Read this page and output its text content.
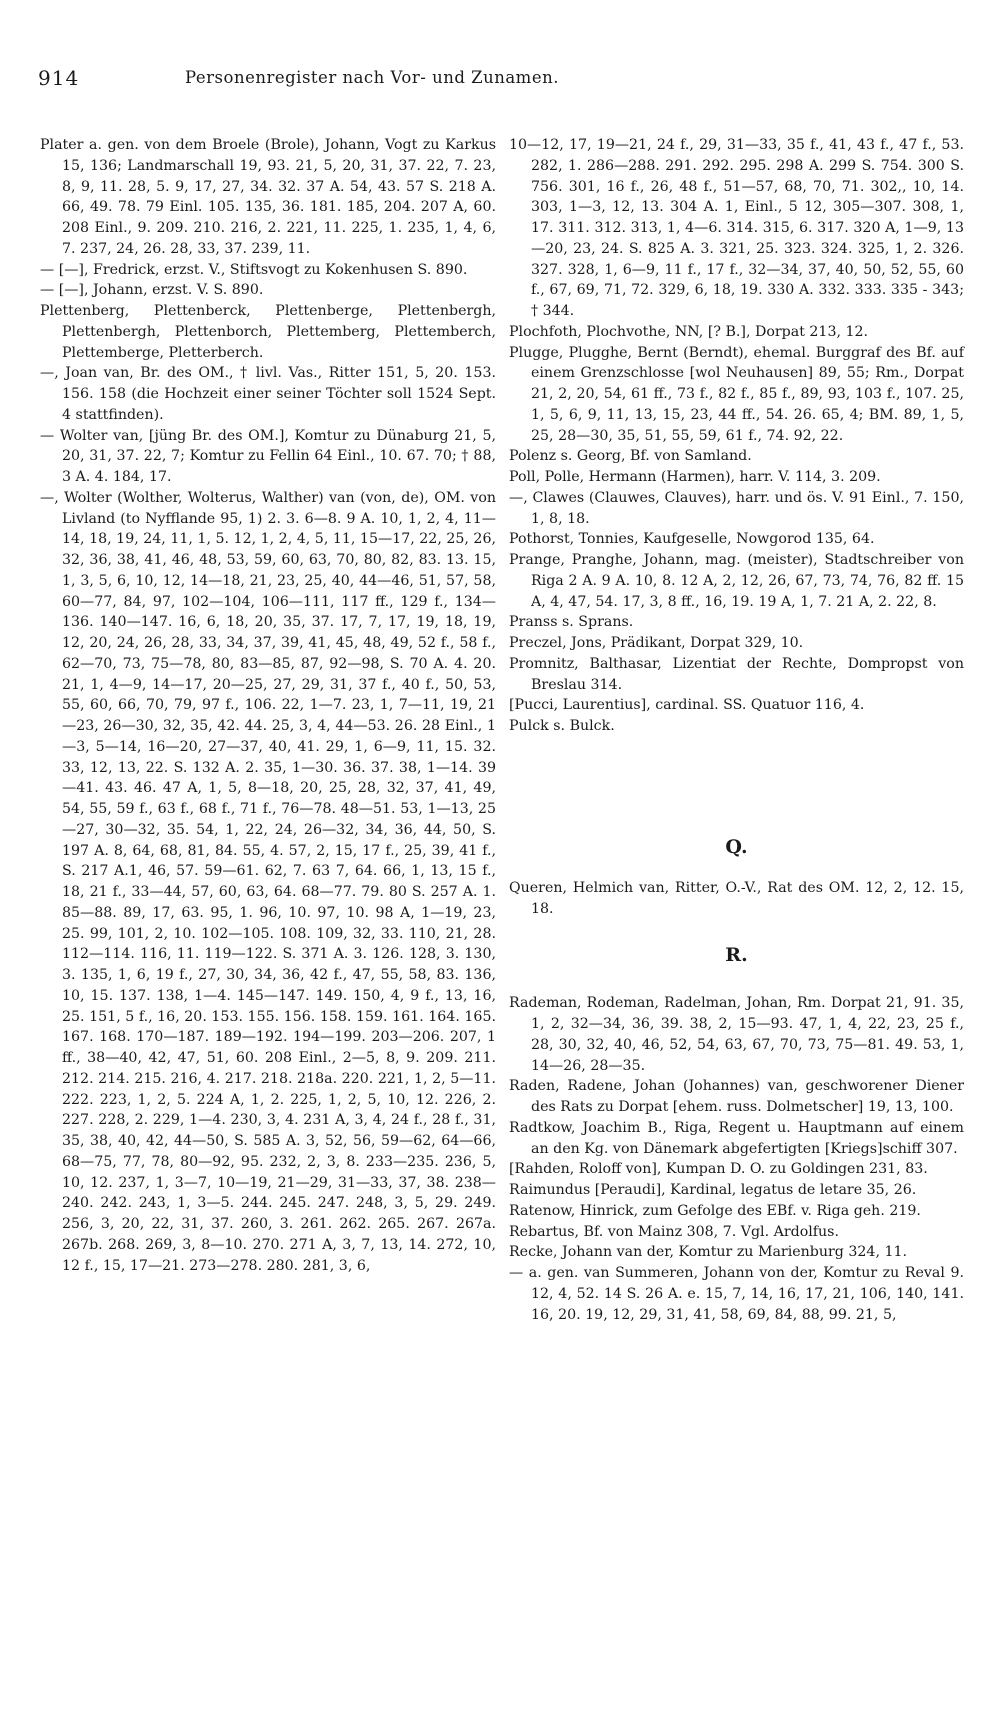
914	Personenregister nach Vor- und Zunamen.

Plater a. gen. von dem Broele (Brole), Johann, Vogt zu Karkus 15, 136; Landmarschall 19, 93. 21, 5, 20, 31, 37. 22, 7. 23, 8, 9, 11. 28, 5. 9, 17, 27, 34. 32. 37 A. 54, 43. 57 S. 218 A. 66, 49. 78. 79 Einl. 105. 135, 36. 181. 185, 204. 207 A, 60. 208 Einl., 9. 209. 210. 216, 2. 221, 11. 225, 1. 235, 1, 4, 6, 7. 237, 24, 26. 28, 33, 37. 239, 11.

— [—], Fredrick, erzst. V., Stiftsvogt zu Kokenhusen S. 890.

— [—], Johann, erzst. V. S. 890.

Plettenberg, Plettenberck, Plettenberge, Plettenbergh, Plettenbergh, Plettenborch, Plettemberg, Plettemberch, Plettemberge, Pletterberch.

—, Joan van, Br. des OM., † livl. Vas., Ritter 151, 5, 20. 153. 156. 158 (die Hochzeit einer seiner Töchter soll 1524 Sept. 4 stattfinden).

— Wolter van, [jüng Br. des OM.], Komtur zu Dünaburg 21, 5, 20, 31, 37. 22, 7; Komtur zu Fellin 64 Einl., 10. 67. 70; † 88, 3 A. 4. 184, 17.

—, Wolter (Wolther, Wolterus, Walther) van (von, de), OM. von Livland (to Nyfflande 95, 1) 2. 3. 6—8. 9 A. 10, 1, 2, 4, 11—14, 18, 19, 24, 11, 1, 5. 12, 1, 2, 4, 5, 11, 15—17, 22, 25, 26, 32, 36, 38, 41, 46, 48, 53, 59, 60, 63, 70, 80, 82, 83. 13. 15, 1, 3, 5, 6, 10, 12, 14—18, 21, 23, 25, 40, 44—46, 51, 57, 58, 60—77, 84, 97, 102—104, 106—111, 117 ff., 129 f., 134—136. 140—147. 16, 6, 18, 20, 35, 37. 17, 7, 17, 19, 18, 19, 12, 20, 24, 26, 28, 33, 34, 37, 39, 41, 45, 48, 49, 52 f., 58 f., 62—70, 73, 75—78, 80, 83—85, 87, 92—98, S. 70 A. 4. 20. 21, 1, 4—9, 14—17, 20—25, 27, 29, 31, 37 f., 40 f., 50, 53, 55, 60, 66, 70, 79, 97 f., 106. 22, 1—7. 23, 1, 7—11, 19, 21—23, 26—30, 32, 35, 42. 44. 25, 3, 4, 44—53. 26. 28 Einl., 1—3, 5—14, 16—20, 27—37, 40, 41. 29, 1, 6—9, 11, 15. 32. 33, 12, 13, 22. S. 132 A. 2. 35, 1—30. 36. 37. 38, 1—14. 39—41. 43. 46. 47 A, 1, 5, 8—18, 20, 25, 28, 32, 37, 41, 49, 54, 55, 59 f., 63 f., 68 f., 71 f., 76—78. 48—51. 53, 1—13, 25—27, 30—32, 35. 54, 1, 22, 24, 26—32, 34, 36, 44, 50, S. 197 A. 8, 64, 68, 81, 84. 55, 4. 57, 2, 15, 17 f., 25, 39, 41 f., S. 217 A.1, 46, 57. 59—61. 62, 7. 63 7, 64. 66, 1, 13, 15 f., 18, 21 f., 33—44, 57, 60, 63, 64. 68—77. 79. 80 S. 257 A. 1. 85—88. 89, 17, 63. 95, 1. 96, 10. 97, 10. 98 A, 1—19, 23, 25. 99, 101, 2, 10. 102—105. 108. 109, 32, 33. 110, 21, 28. 112—114. 116, 11. 119—122. S. 371 A. 3. 126. 128, 3. 130, 3. 135, 1, 6, 19 f., 27, 30, 34, 36, 42 f., 47, 55, 58, 83. 136, 10, 15. 137. 138, 1—4. 145—147. 149. 150, 4, 9 f., 13, 16, 25. 151, 5 f., 16, 20. 153. 155. 156. 158. 159. 161. 164. 165. 167. 168. 170—187. 189—192. 194—199. 203—206. 207, 1 ff., 38—40, 42, 47, 51, 60. 208 Einl., 2—5, 8, 9. 209. 211. 212. 214. 215. 216, 4. 217. 218. 218a. 220. 221, 1, 2, 5—11. 222. 223, 1, 2, 5. 224 A, 1, 2. 225, 1, 2, 5, 10, 12. 226, 2. 227. 228, 2. 229, 1—4. 230, 3, 4. 231 A, 3, 4, 24 f., 28 f., 31, 35, 38, 40, 42, 44—50, S. 585 A. 3, 52, 56, 59—62, 64—66, 68—75, 77, 78, 80—92, 95. 232, 2, 3, 8. 233—235. 236, 5, 10, 12. 237, 1, 3—7, 10—19, 21—29, 31—33, 37, 38. 238—240. 242. 243, 1, 3—5. 244. 245. 247. 248, 3, 5, 29. 249. 256, 3, 20, 22, 31, 37. 260, 3. 261. 262. 265. 267. 267a. 267b. 268. 269, 3, 8—10. 270. 271 A, 3, 7, 13, 14. 272, 10, 12 f., 15, 17—21. 273—278. 280. 281, 3, 6,

10—12, 17, 19—21, 24 f., 29, 31—33, 35 f., 41, 43 f., 47 f., 53. 282, 1. 286—288. 291. 292. 295. 298 A. 299 S. 754. 300 S. 756. 301, 16 f., 26, 48 f., 51—57, 68, 70, 71. 302,, 10, 14. 303, 1—3, 12, 13. 304 A. 1, Einl., 5 12, 305—307. 308, 1, 17. 311. 312. 313, 1, 4—6. 314. 315, 6. 317. 320 A, 1—9, 13—20, 23, 24. S. 825 A. 3. 321, 25. 323. 324. 325, 1, 2. 326. 327. 328, 1, 6—9, 11 f., 17 f., 32—34, 37, 40, 50, 52, 55, 60 f., 67, 69, 71, 72. 329, 6, 18, 19. 330 A. 332. 333. 335 - 343; † 344.

Plochfoth, Plochvothe, NN, [? B.], Dorpat 213, 12.

Plugge, Plugghe, Bernt (Berndt), ehemal. Burggraf des Bf. auf einem Grenzschlosse [wol Neuhausen] 89, 55; Rm., Dorpat 21, 2, 20, 54, 61 ff., 73 f., 82 f., 85 f., 89, 93, 103 f., 107. 25, 1, 5, 6, 9, 11, 13, 15, 23, 44 ff., 54. 26. 65, 4; BM. 89, 1, 5, 25, 28—30, 35, 51, 55, 59, 61 f., 74. 92, 22.

Polenz s. Georg, Bf. von Samland.

Poll, Polle, Hermann (Harmen), harr. V. 114, 3. 209.

—, Clawes (Clauwes, Clauves), harr. und ös. V. 91 Einl., 7. 150, 1, 8, 18.

Pothorst, Tonnies, Kaufgeselle, Nowgorod 135, 64.

Prange, Pranghe, Johann, mag. (meister), Stadtschreiber von Riga 2 A. 9 A. 10, 8. 12 A, 2, 12, 26, 67, 73, 74, 76, 82 ff. 15 A, 4, 47, 54. 17, 3, 8 ff., 16, 19. 19 A, 1, 7. 21 A, 2. 22, 8.

Pranss s. Sprans.

Preczel, Jons, Prädikant, Dorpat 329, 10.

Promnitz, Balthasar, Lizentiat der Rechte, Dompropst von Breslau 314.

[Pucci, Laurentius], cardinal. SS. Quatuor 116, 4.

Pulck s. Bulck.

Q.

Queren, Helmich van, Ritter, O.-V., Rat des OM. 12, 2, 12. 15, 18.

R.

Rademan, Rodeman, Radelman, Johan, Rm. Dorpat 21, 91. 35, 1, 2, 32—34, 36, 39. 38, 2, 15—93. 47, 1, 4, 22, 23, 25 f., 28, 30, 32, 40, 46, 52, 54, 63, 67, 70, 73, 75—81. 49. 53, 1, 14—26, 28—35.

Raden, Radene, Johan (Johannes) van, geschworener Diener des Rats zu Dorpat [ehem. russ. Dolmetscher] 19, 13, 100.

Radtkow, Joachim B., Riga, Regent u. Hauptmann auf einem an den Kg. von Dänemark abgefertigten [Kriegs]schiff 307.

[Rahden, Roloff von], Kumpan D. O. zu Goldingen 231, 83.

Raimundus [Peraudi], Kardinal, legatus de letare 35, 26.

Ratenow, Hinrick, zum Gefolge des EBf. v. Riga geh. 219.

Rebartus, Bf. von Mainz 308, 7. Vgl. Ardolfus.

Recke, Johann van der, Komtur zu Marienburg 324, 11.

— a. gen. van Summeren, Johann von der, Komtur zu Reval 9. 12, 4, 52. 14 S. 26 A. e. 15, 7, 14, 16, 17, 21, 106, 140, 141. 16, 20. 19, 12, 29, 31, 41, 58, 69, 84, 88, 99. 21, 5,
